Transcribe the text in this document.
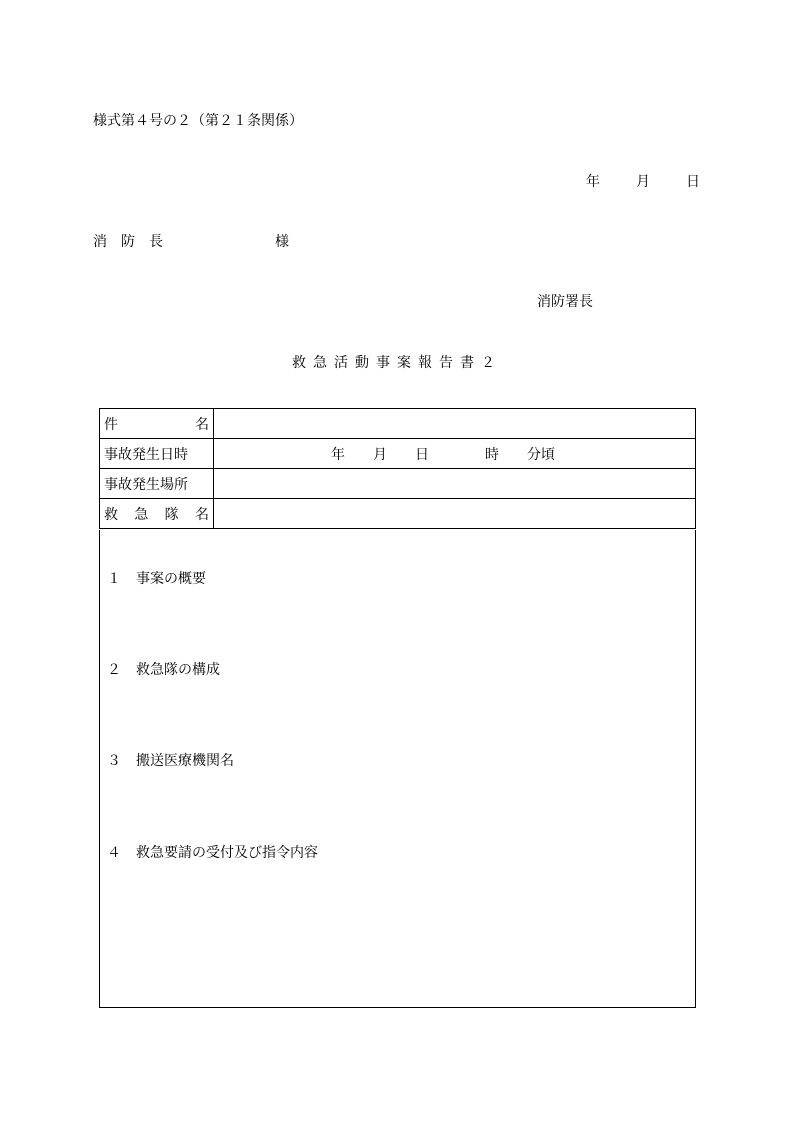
様式第４号の２（第２１条関係）
年	月	日
消　防　長	様
消防署長
救急活動事案報告書２
件名	
事故発生日時	年　　月　　日　　　　時　　分頃
事故発生場所	
救急隊名	
１ 事案の概要
２ 救急隊の構成
３ 搬送医療機関名
４ 救急要請の受付及び指令内容
